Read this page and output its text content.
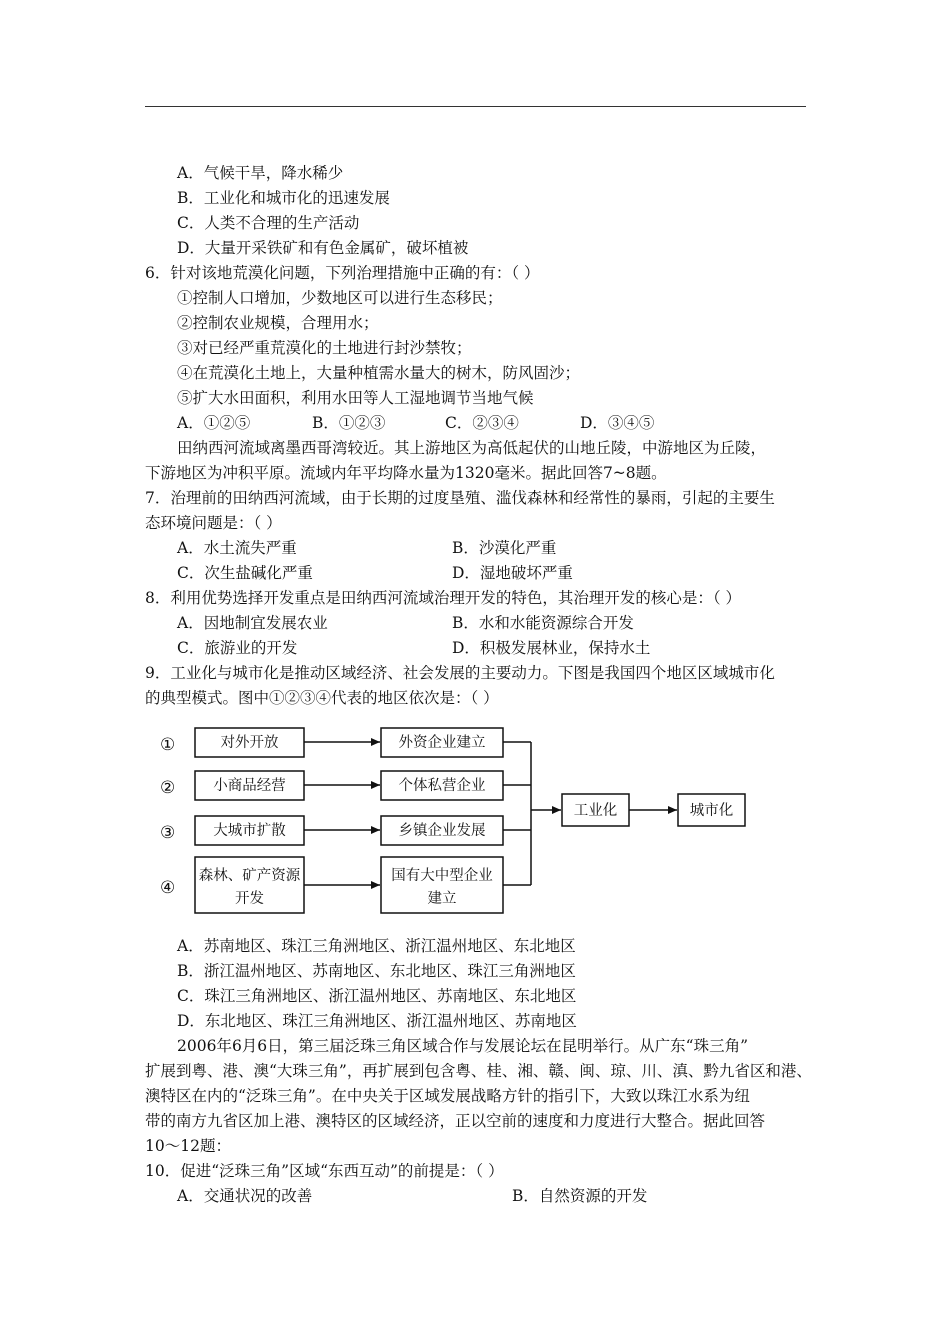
A．气候干旱，降水稀少
B．工业化和城市化的迅速发展
C．人类不合理的生产活动
D．大量开采铁矿和有色金属矿，破坏植被
6．针对该地荒漠化问题，下列治理措施中正确的有：（ ）
①控制人口增加，少数地区可以进行生态移民；
②控制农业规模，合理用水；
③对已经严重荒漠化的土地进行封沙禁牧；
④在荒漠化土地上，大量种植需水量大的树木，防风固沙；
⑤扩大水田面积，利用水田等人工湿地调节当地气候
A．①②⑤	B．①②③	C．②③④	D．③④⑤
田纳西河流域离墨西哥湾较近。其上游地区为高低起伏的山地丘陵，中游地区为丘陵，
下游地区为冲积平原。流域内年平均降水量为1320毫米。据此回答7~8题。
7．治理前的田纳西河流域，由于长期的过度垦殖、滥伐森林和经常性的暴雨，引起的主要生
态环境问题是：（ ）
A．水土流失严重	B．沙漠化严重
C．次生盐碱化严重	D．湿地破坏严重
8．利用优势选择开发重点是田纳西河流域治理开发的特色，其治理开发的核心是：（ ）
A．因地制宜发展农业	B．水和水能资源综合开发
C．旅游业的开发	D．积极发展林业，保持水土
9．工业化与城市化是推动区域经济、社会发展的主要动力。下图是我国四个地区区域城市化
的典型模式。图中①②③④代表的地区依次是：（ ）
①
②
③
④
对外开放
小商品经营
大城市扩散
森林、矿产资源
开发
外资企业建立
个体私营企业
乡镇企业发展
国有大中型企业
建立
工业化	城市化
A．苏南地区、珠江三角洲地区、浙江温州地区、东北地区
B．浙江温州地区、苏南地区、东北地区、珠江三角洲地区
C．珠江三角洲地区、浙江温州地区、苏南地区、东北地区
D．东北地区、珠江三角洲地区、浙江温州地区、苏南地区
2006年6月6日，第三届泛珠三角区域合作与发展论坛在昆明举行。从广东“珠三角”
扩展到粤、港、澳“大珠三角”，再扩展到包含粤、桂、湘、赣、闽、琼、川、滇、黔九省区和港、
澳特区在内的“泛珠三角”。在中央关于区域发展战略方针的指引下，大致以珠江水系为纽
带的南方九省区加上港、澳特区的区域经济，正以空前的速度和力度进行大整合。据此回答
10～12题：
10．促进“泛珠三角”区域“东西互动”的前提是：（ ）
A．交通状况的改善	B．自然资源的开发
